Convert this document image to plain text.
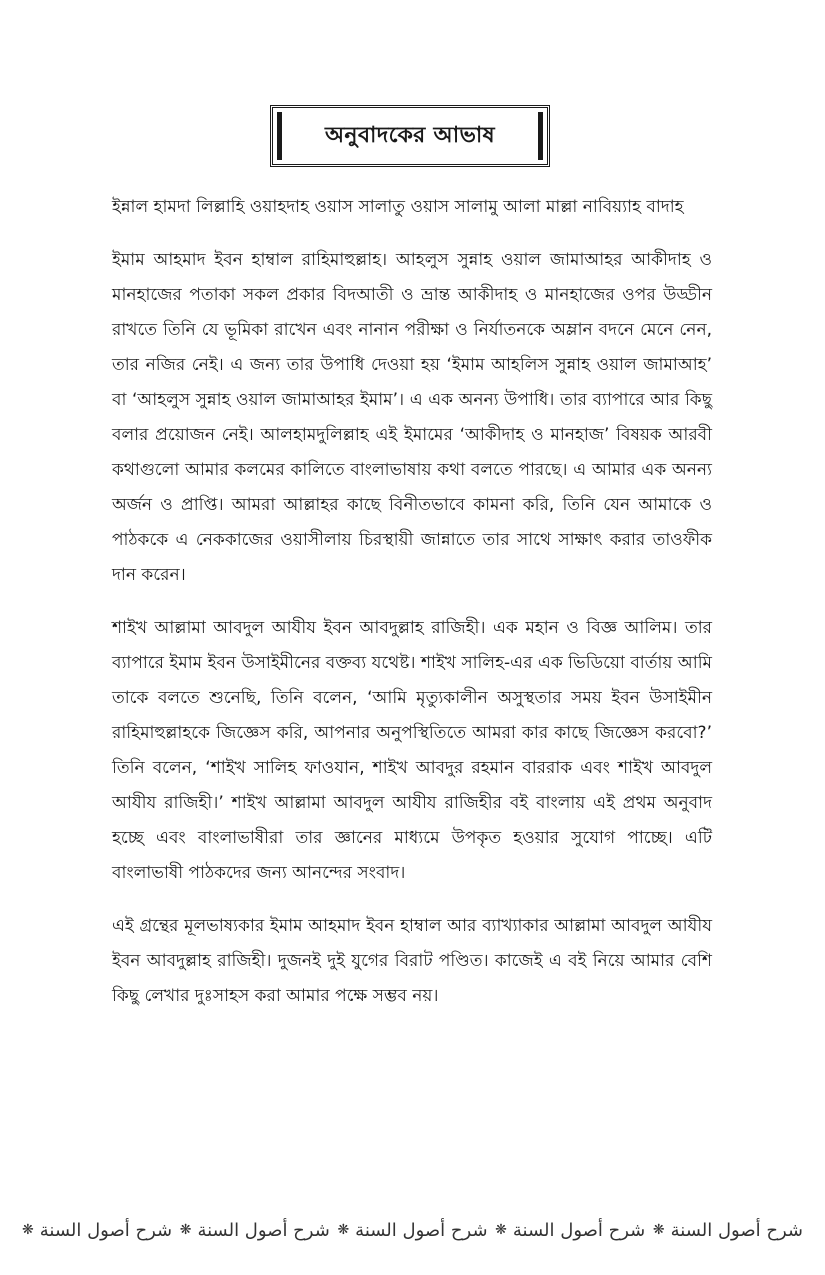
অনুবাদকের আভাষ

ইন্নাল হামদা লিল্লাহি ওয়াহদাহ ওয়াস সালাতু ওয়াস সালামু আলা মাল্লা নাবিয়্যাহ বাদাহ

ইমাম আহমাদ ইবন হাম্বাল রাহিমাহুল্লাহ। আহলুস সুন্নাহ ওয়াল জামাআহর আকীদাহ ও মানহাজের পতাকা সকল প্রকার বিদআতী ও ভ্রান্ত আকীদাহ ও মানহাজের ওপর উড্ডীন রাখতে তিনি যে ভূমিকা রাখেন এবং নানান পরীক্ষা ও নির্যাতনকে অম্লান বদনে মেনে নেন, তার নজির নেই। এ জন্য তার উপাধি দেওয়া হয় ‘ইমাম আহলিস সুন্নাহ ওয়াল জামাআহ’ বা ‘আহলুস সুন্নাহ ওয়াল জামাআহর ইমাম’। এ এক অনন্য উপাধি। তার ব্যাপারে আর কিছু বলার প্রয়োজন নেই। আলহামদুলিল্লাহ এই ইমামের ‘আকীদাহ ও মানহাজ’ বিষয়ক আরবী কথাগুলো আমার কলমের কালিতে বাংলাভাষায় কথা বলতে পারছে। এ আমার এক অনন্য অর্জন ও প্রাপ্তি। আমরা আল্লাহর কাছে বিনীতভাবে কামনা করি, তিনি যেন আমাকে ও পাঠককে এ নেককাজের ওয়াসীলায় চিরস্থায়ী জান্নাতে তার সাথে সাক্ষাৎ করার তাওফীক দান করেন।

শাইখ আল্লামা আবদুল আযীয ইবন আবদুল্লাহ রাজিহী। এক মহান ও বিজ্ঞ আলিম। তার ব্যাপারে ইমাম ইবন উসাইমীনের বক্তব্য যথেষ্ট। শাইখ সালিহ-এর এক ভিডিয়ো বার্তায় আমি তাকে বলতে শুনেছি, তিনি বলেন, ‘আমি মৃত্যুকালীন অসুস্থতার সময় ইবন উসাইমীন রাহিমাহুল্লাহকে জিজ্ঞেস করি, আপনার অনুপস্থিতিতে আমরা কার কাছে জিজ্ঞেস করবো?’ তিনি বলেন, ‘শাইখ সালিহ ফাওযান, শাইখ আবদুর রহমান বাররাক এবং শাইখ আবদুল আযীয রাজিহী।’ শাইখ আল্লামা আবদুল আযীয রাজিহীর বই বাংলায় এই প্রথম অনুবাদ হচ্ছে এবং বাংলাভাষীরা তার জ্ঞানের মাধ্যমে উপকৃত হওয়ার সুযোগ পাচ্ছে। এটি বাংলাভাষী পাঠকদের জন্য আনন্দের সংবাদ।

এই গ্রন্থের মূলভাষ্যকার ইমাম আহমাদ ইবন হাম্বাল আর ব্যাখ্যাকার আল্লামা আবদুল আযীয ইবন আবদুল্লাহ রাজিহী। দুজনই দুই যুগের বিরাট পণ্ডিত। কাজেই এ বই নিয়ে আমার বেশি কিছু লেখার দুঃসাহস করা আমার পক্ষে সম্ভব নয়।

❋ شرح أصول السنة ❋ شرح أصول السنة ❋ شرح أصول السنة ❋ شرح أصول السنة ❋ شرح أصول السنة
